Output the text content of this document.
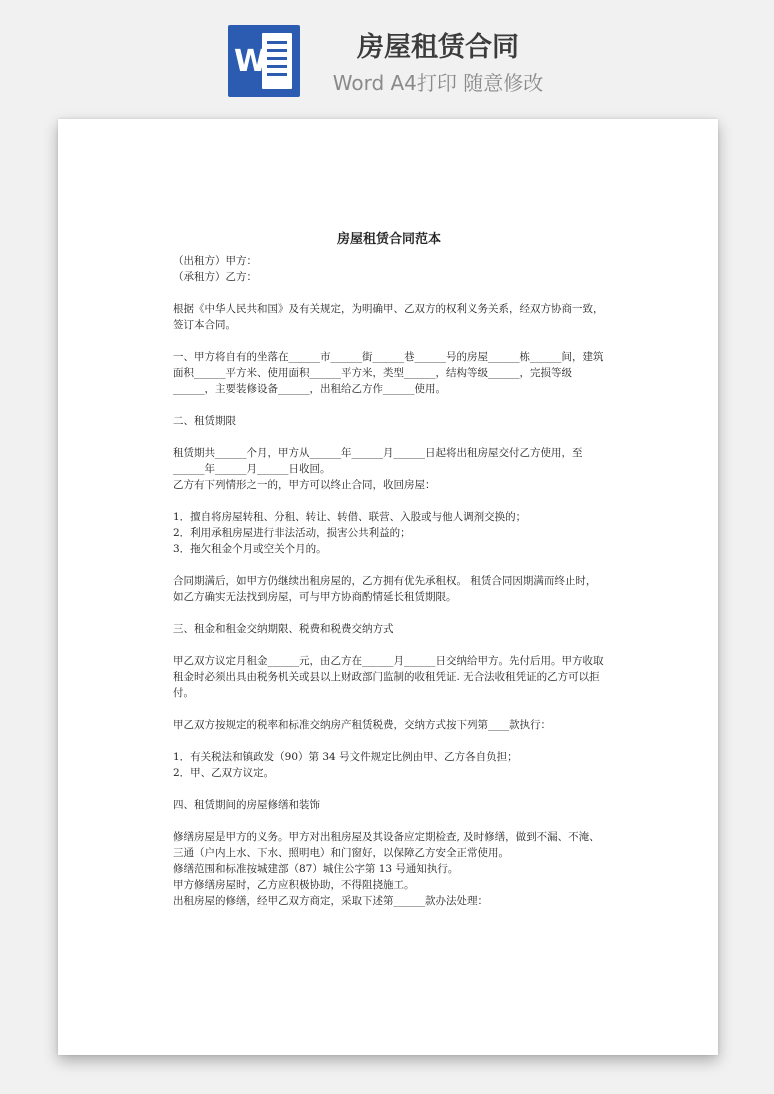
W	房屋租赁合同
Word A4打印 随意修改
房屋租赁合同范本

（出租方）甲方：

（承租方）乙方：

根据《中华人民共和国》及有关规定，为明确甲、乙双方的权利义务关系，经双方协商一致，签订本合同。

一、甲方将自有的坐落在______市______街______巷______号的房屋______栋______间，建筑面积______平方米、使用面积______平方米，类型______，结构等级______，完损等级______，主要装修设备______，出租给乙方作______使用。

二、租赁期限

租赁期共______个月，甲方从______年______月______日起将出租房屋交付乙方使用，至______年______月______日收回。

乙方有下列情形之一的，甲方可以终止合同，收回房屋：

1．擅自将房屋转租、分租、转让、转借、联营、入股或与他人调剂交换的；

2．利用承租房屋进行非法活动，损害公共利益的；

3．拖欠租金个月或空关个月的。

合同期满后，如甲方仍继续出租房屋的，乙方拥有优先承租权。 租赁合同因期满而终止时，如乙方确实无法找到房屋，可与甲方协商酌情延长租赁期限。

三、租金和租金交纳期限、税费和税费交纳方式

甲乙双方议定月租金______元，由乙方在______月______日交纳给甲方。先付后用。甲方收取租金时必须出具由税务机关或县以上财政部门监制的收租凭证. 无合法收租凭证的乙方可以拒付。

甲乙双方按规定的税率和标准交纳房产租赁税费，交纳方式按下列第____款执行：

1．有关税法和镇政发（90）第 34 号文件规定比例由甲、乙方各自负担；

2．甲、乙双方议定。

四、租赁期间的房屋修缮和装饰

修缮房屋是甲方的义务。甲方对出租房屋及其设备应定期检查, 及时修缮，做到不漏、不淹、三通（户内上水、下水、照明电）和门窗好，以保障乙方安全正常使用。

修缮范围和标准按城建部（87）城住公字第 13 号通知执行。

甲方修缮房屋时，乙方应积极协助，不得阻挠施工。

出租房屋的修缮，经甲乙双方商定，采取下述第______款办法处理：
